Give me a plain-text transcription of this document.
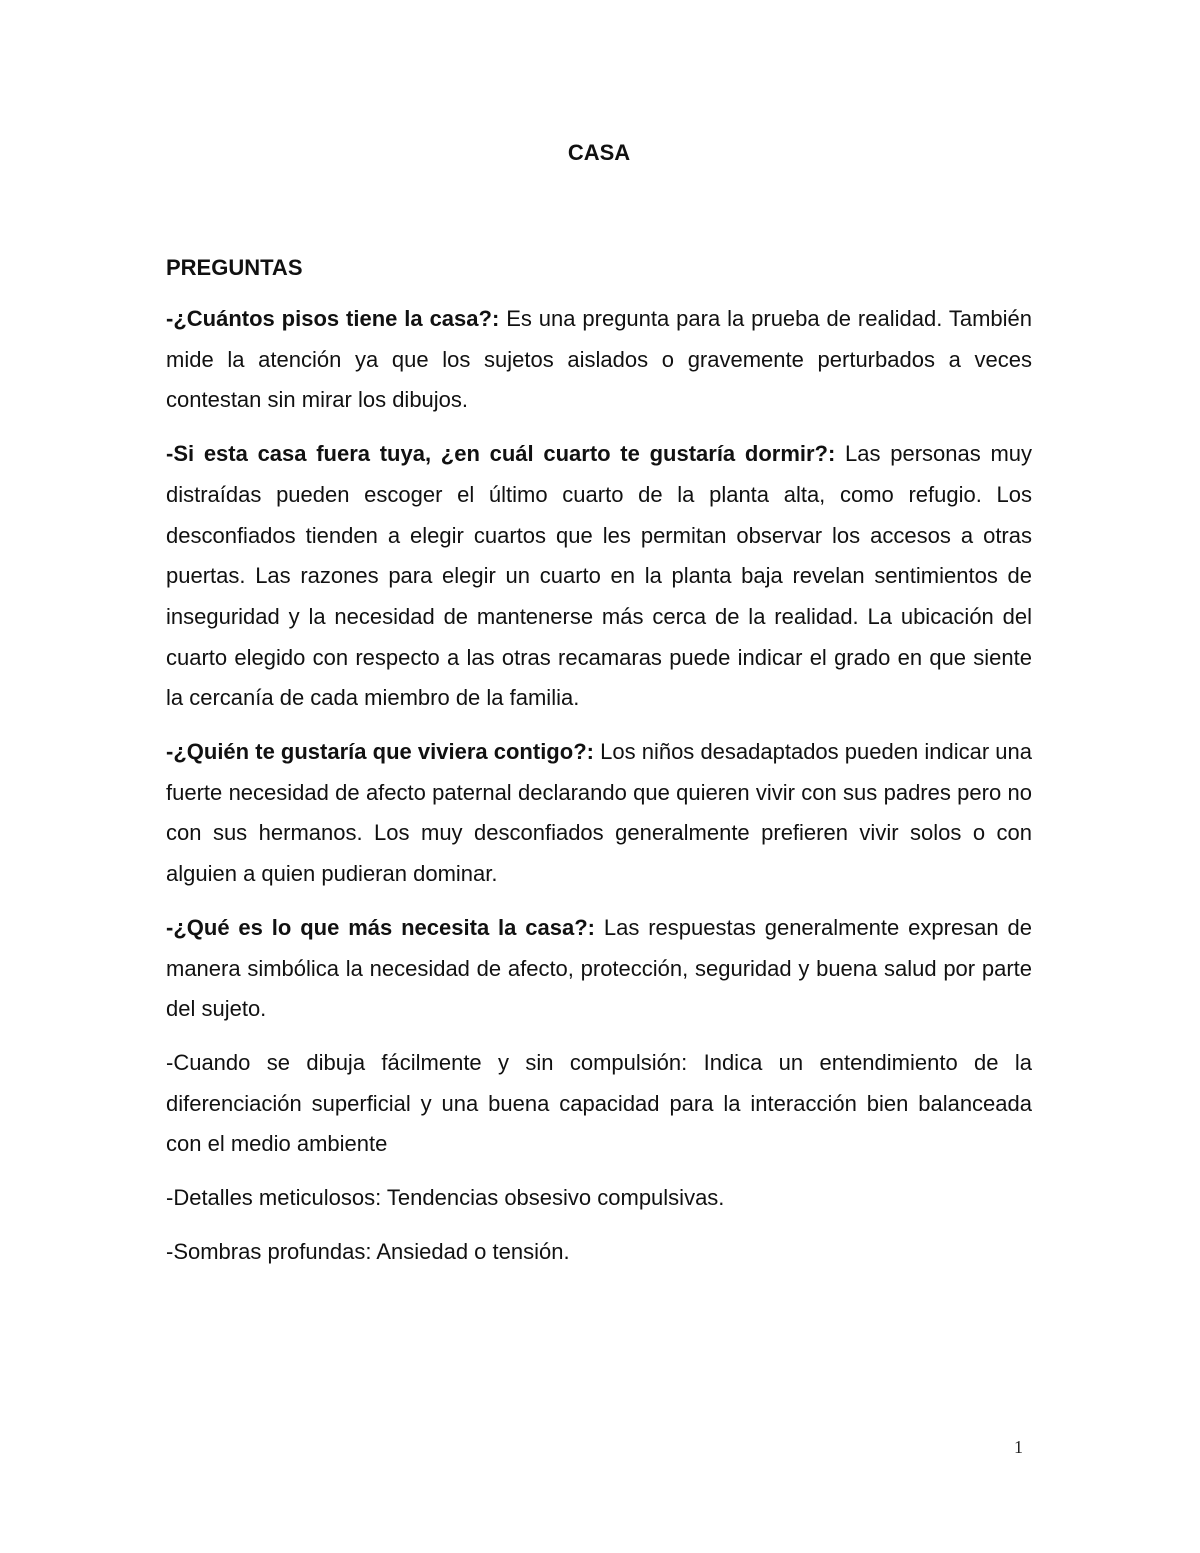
CASA
PREGUNTAS

-¿Cuántos pisos tiene la casa?: Es una pregunta para la prueba de realidad. También mide la atención ya que los sujetos aislados o gravemente perturbados a veces contestan sin mirar los dibujos.

-Si esta casa fuera tuya, ¿en cuál cuarto te gustaría dormir?: Las personas muy distraídas pueden escoger el último cuarto de la planta alta, como refugio. Los desconfiados tienden a elegir cuartos que les permitan observar los accesos a otras puertas. Las razones para elegir un cuarto en la planta baja revelan sentimientos de inseguridad y la necesidad de mantenerse más cerca de la realidad. La ubicación del cuarto elegido con respecto a las otras recamaras puede indicar el grado en que siente la cercanía de cada miembro de la familia.

-¿Quién te gustaría que viviera contigo?: Los niños desadaptados pueden indicar una fuerte necesidad de afecto paternal declarando que quieren vivir con sus padres pero no con sus hermanos. Los muy desconfiados generalmente prefieren vivir solos o con alguien a quien pudieran dominar.

-¿Qué es lo que más necesita la casa?: Las respuestas generalmente expresan de manera simbólica la necesidad de afecto, protección, seguridad y buena salud por parte del sujeto.

-Cuando se dibuja fácilmente y sin compulsión: Indica un entendimiento de la diferenciación superficial y una buena capacidad para la interacción bien balanceada con el medio ambiente

-Detalles meticulosos: Tendencias obsesivo compulsivas.

-Sombras profundas: Ansiedad o tensión.

1
